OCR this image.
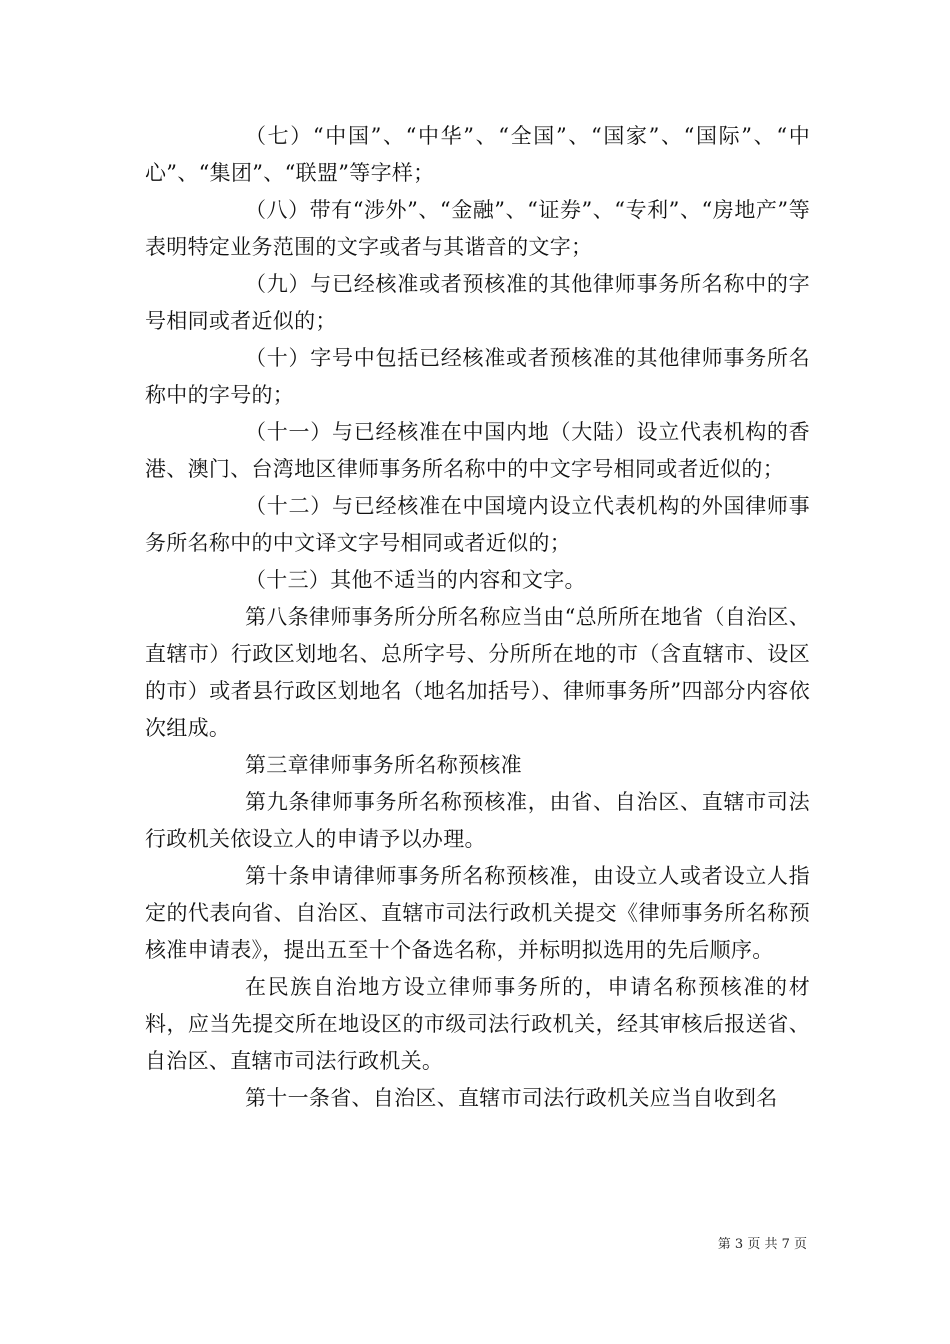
（七）“中国”、“中华”、“全国”、“国家”、“国际”、“中心”、“集团”、“联盟”等字样；

（八）带有“涉外”、“金融”、“证券”、“专利”、“房地产”等表明特定业务范围的文字或者与其谐音的文字；

（九）与已经核准或者预核准的其他律师事务所名称中的字号相同或者近似的；

（十）字号中包括已经核准或者预核准的其他律师事务所名称中的字号的；

（十一）与已经核准在中国内地（大陆）设立代表机构的香港、澳门、台湾地区律师事务所名称中的中文字号相同或者近似的；

（十二）与已经核准在中国境内设立代表机构的外国律师事务所名称中的中文译文字号相同或者近似的；

（十三）其他不适当的内容和文字。

第八条律师事务所分所名称应当由“总所所在地省（自治区、直辖市）行政区划地名、总所字号、分所所在地的市（含直辖市、设区的市）或者县行政区划地名（地名加括号）、律师事务所”四部分内容依次组成。

第三章律师事务所名称预核准

第九条律师事务所名称预核准，由省、自治区、直辖市司法行政机关依设立人的申请予以办理。

第十条申请律师事务所名称预核准，由设立人或者设立人指定的代表向省、自治区、直辖市司法行政机关提交《律师事务所名称预核准申请表》，提出五至十个备选名称，并标明拟选用的先后顺序。

在民族自治地方设立律师事务所的，申请名称预核准的材料，应当先提交所在地设区的市级司法行政机关，经其审核后报送省、自治区、直辖市司法行政机关。

第十一条省、自治区、直辖市司法行政机关应当自收到名

第 3 页 共 7 页
